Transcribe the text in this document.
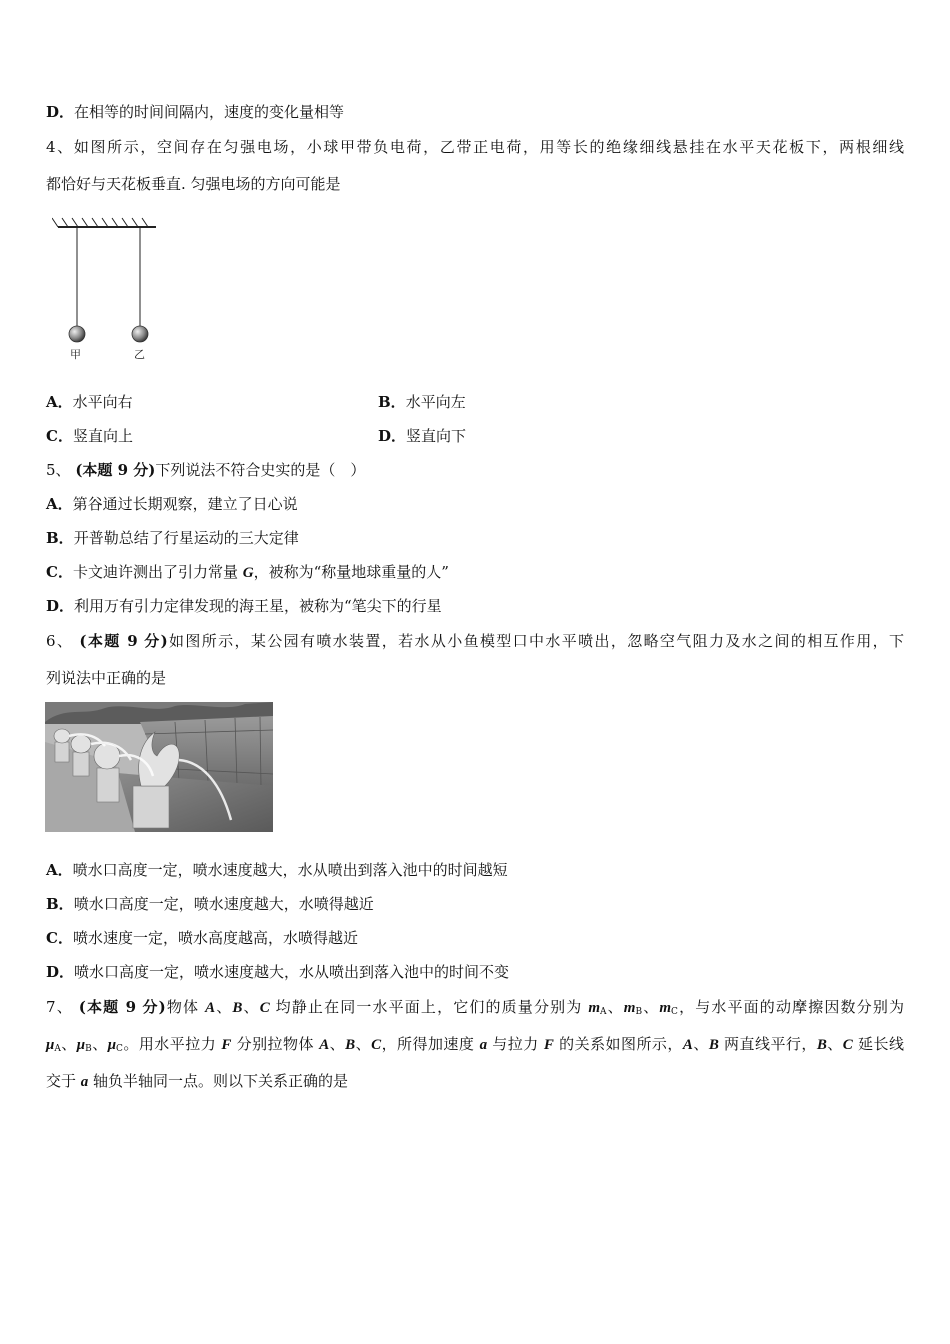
D．在相等的时间间隔内，速度的变化量相等
4、如图所示，空间存在匀强电场，小球甲带负电荷，乙带正电荷，用等长的绝缘细线悬挂在水平天花板下，两根细线
都恰好与天花板垂直. 匀强电场的方向可能是
甲	乙
A．水平向右	B．水平向左
C．竖直向上	D．竖直向下
5、 (本题 9 分)下列说法不符合史实的是（　）
A．第谷通过长期观察，建立了日心说
B．开普勒总结了行星运动的三大定律
C．卡文迪许测出了引力常量 G，被称为“称量地球重量的人”
D．利用万有引力定律发现的海王星，被称为“笔尖下的行星
6、 (本题 9 分)如图所示，某公园有喷水装置，若水从小鱼模型口中水平喷出，忽略空气阻力及水之间的相互作用，下
列说法中正确的是
A．喷水口高度一定，喷水速度越大，水从喷出到落入池中的时间越短
B．喷水口高度一定，喷水速度越大，水喷得越近
C．喷水速度一定，喷水高度越高，水喷得越近
D．喷水口高度一定，喷水速度越大，水从喷出到落入池中的时间不变
7、 (本题 9 分)物体 A、B、C 均静止在同一水平面上，它们的质量分别为 $m_A$、$m_B$、$m_C$，与水平面的动摩擦因数分别为
$\mu_A$、$\mu_B$、$\mu_C$。用水平拉力 F 分别拉物体 A、B、C，所得加速度 a 与拉力 F 的关系如图所示，A、B 两直线平行，B、C 延长线
交于 a 轴负半轴同一点。则以下关系正确的是
